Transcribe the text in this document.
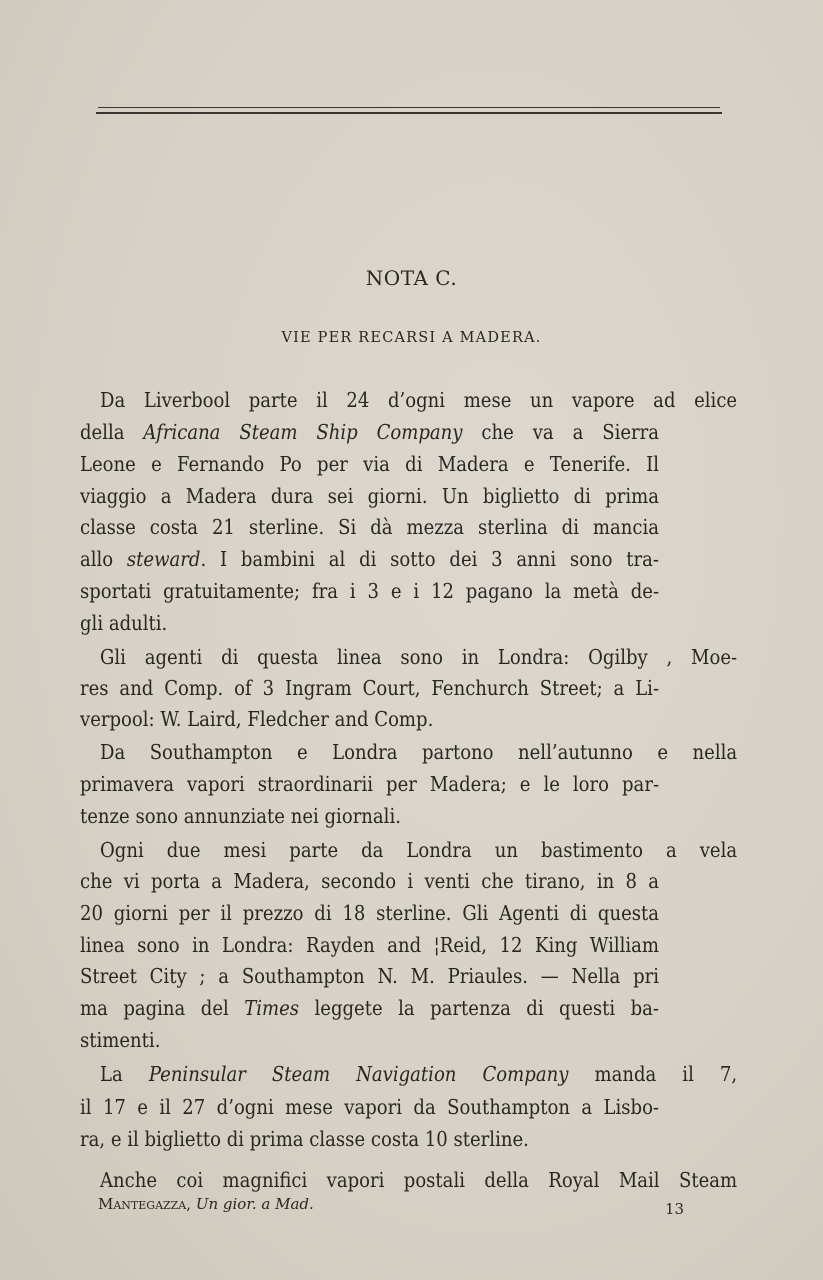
NOTA C.
VIE PER RECARSI A MADERA.
Da Liverbool parte il 24 d’ogni mese un vapore ad elice
della Africana Steam Ship Company che va a Sierra
Leone e Fernando Po per via di Madera e Tenerife. Il
viaggio a Madera dura sei giorni. Un biglietto di prima
classe costa 21 sterline. Si dà mezza sterlina di mancia
allo steward. I bambini al di sotto dei 3 anni sono tra-
sportati gratuitamente; fra i 3 e i 12 pagano la metà de-
gli adulti.
Gli agenti di questa linea sono in Londra: Ogilby , Moe-
res and Comp. of 3 Ingram Court, Fenchurch Street; a Li-
verpool: W. Laird, Fledcher and Comp.
Da Southampton e Londra partono nell’autunno e nella
primavera vapori straordinarii per Madera; e le loro par-
tenze sono annunziate nei giornali.
Ogni due mesi parte da Londra un bastimento a vela
che vi porta a Madera, secondo i venti che tirano, in 8 a
20 giorni per il prezzo di 18 sterline. Gli Agenti di questa
linea sono in Londra: Rayden and ¦Reid, 12 King William
Street City ; a Southampton N. M. Priaules. — Nella pri
ma pagina del Times leggete la partenza di questi ba-
stimenti.
La Peninsular Steam Navigation Company manda il 7,
il 17 e il 27 d’ogni mese vapori da Southampton a Lisbo-
ra, e il biglietto di prima classe costa 10 sterline.
Anche coi magnifici vapori postali della Royal Mail Steam
Mantegazza, Un gior. a Mad.	13
